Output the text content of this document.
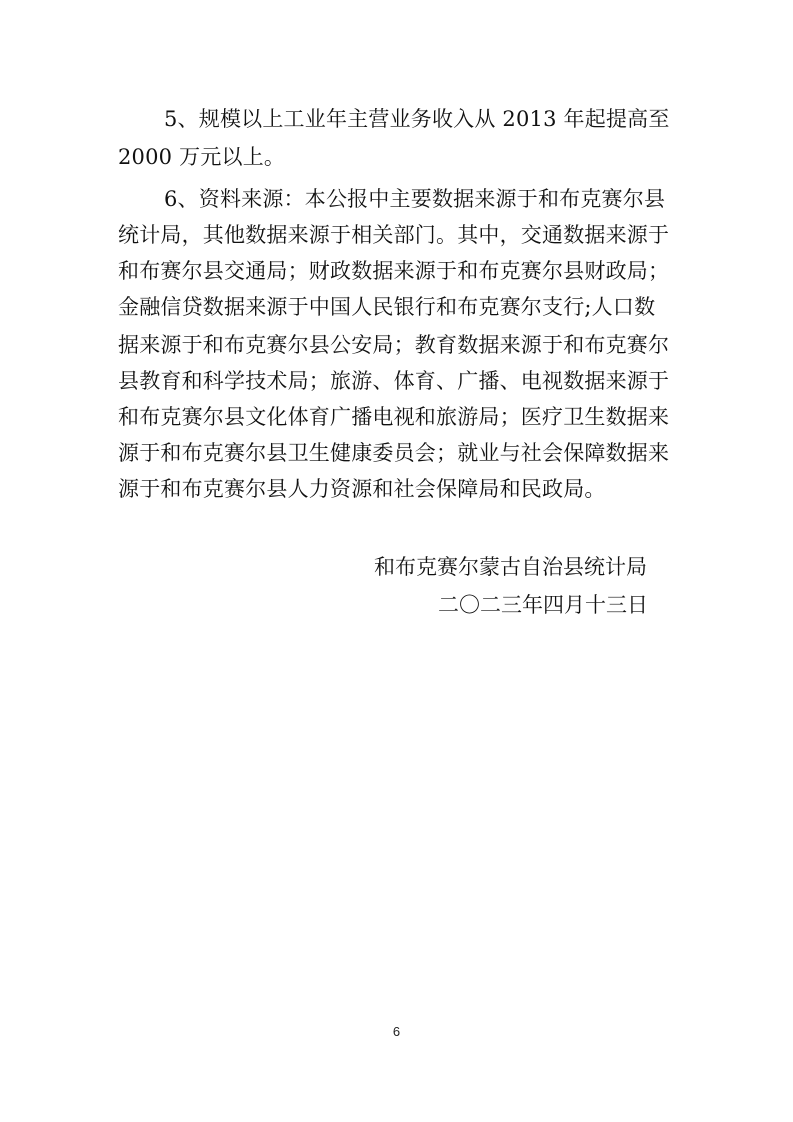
5、规模以上工业年主营业务收入从 2013 年起提高至
2000 万元以上。
6、资料来源：本公报中主要数据来源于和布克赛尔县
统计局，其他数据来源于相关部门。其中，交通数据来源于
和布赛尔县交通局；财政数据来源于和布克赛尔县财政局；
金融信贷数据来源于中国人民银行和布克赛尔支行;人口数
据来源于和布克赛尔县公安局；教育数据来源于和布克赛尔
县教育和科学技术局；旅游、体育、广播、电视数据来源于
和布克赛尔县文化体育广播电视和旅游局；医疗卫生数据来
源于和布克赛尔县卫生健康委员会；就业与社会保障数据来
源于和布克赛尔县人力资源和社会保障局和民政局。
和布克赛尔蒙古自治县统计局
二〇二三年四月十三日
6
